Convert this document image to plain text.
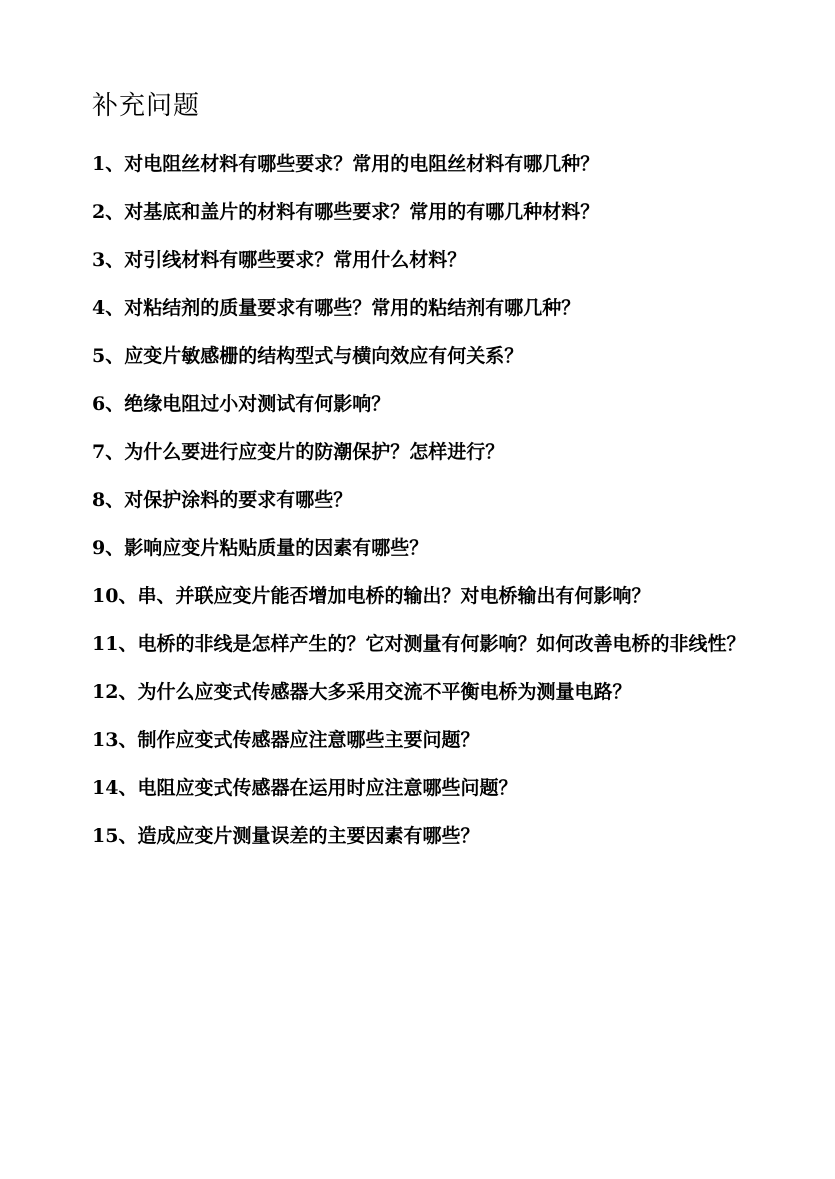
补充问题
1、 对电阻丝材料有哪些要求？常用的电阻丝材料有哪几种？
2、 对基底和盖片的材料有哪些要求？常用的有哪几种材料？
3、 对引线材料有哪些要求？常用什么材料？
4、 对粘结剂的质量要求有哪些？常用的粘结剂有哪几种？
5、 应变片敏感栅的结构型式与横向效应有何关系？
6、 绝缘电阻过小对测试有何影响？
7、 为什么要进行应变片的防潮保护？怎样进行？
8、 对保护涂料的要求有哪些？
9、 影响应变片粘贴质量的因素有哪些？
10、 串、并联应变片能否增加电桥的输出？对电桥输出有何影响？
11、 电桥的非线是怎样产生的？它对测量有何影响？如何改善电桥的非线性？
12、 为什么应变式传感器大多采用交流不平衡电桥为测量电路？
13、 制作应变式传感器应注意哪些主要问题？
14、 电阻应变式传感器在运用时应注意哪些问题？
15、 造成应变片测量误差的主要因素有哪些？
